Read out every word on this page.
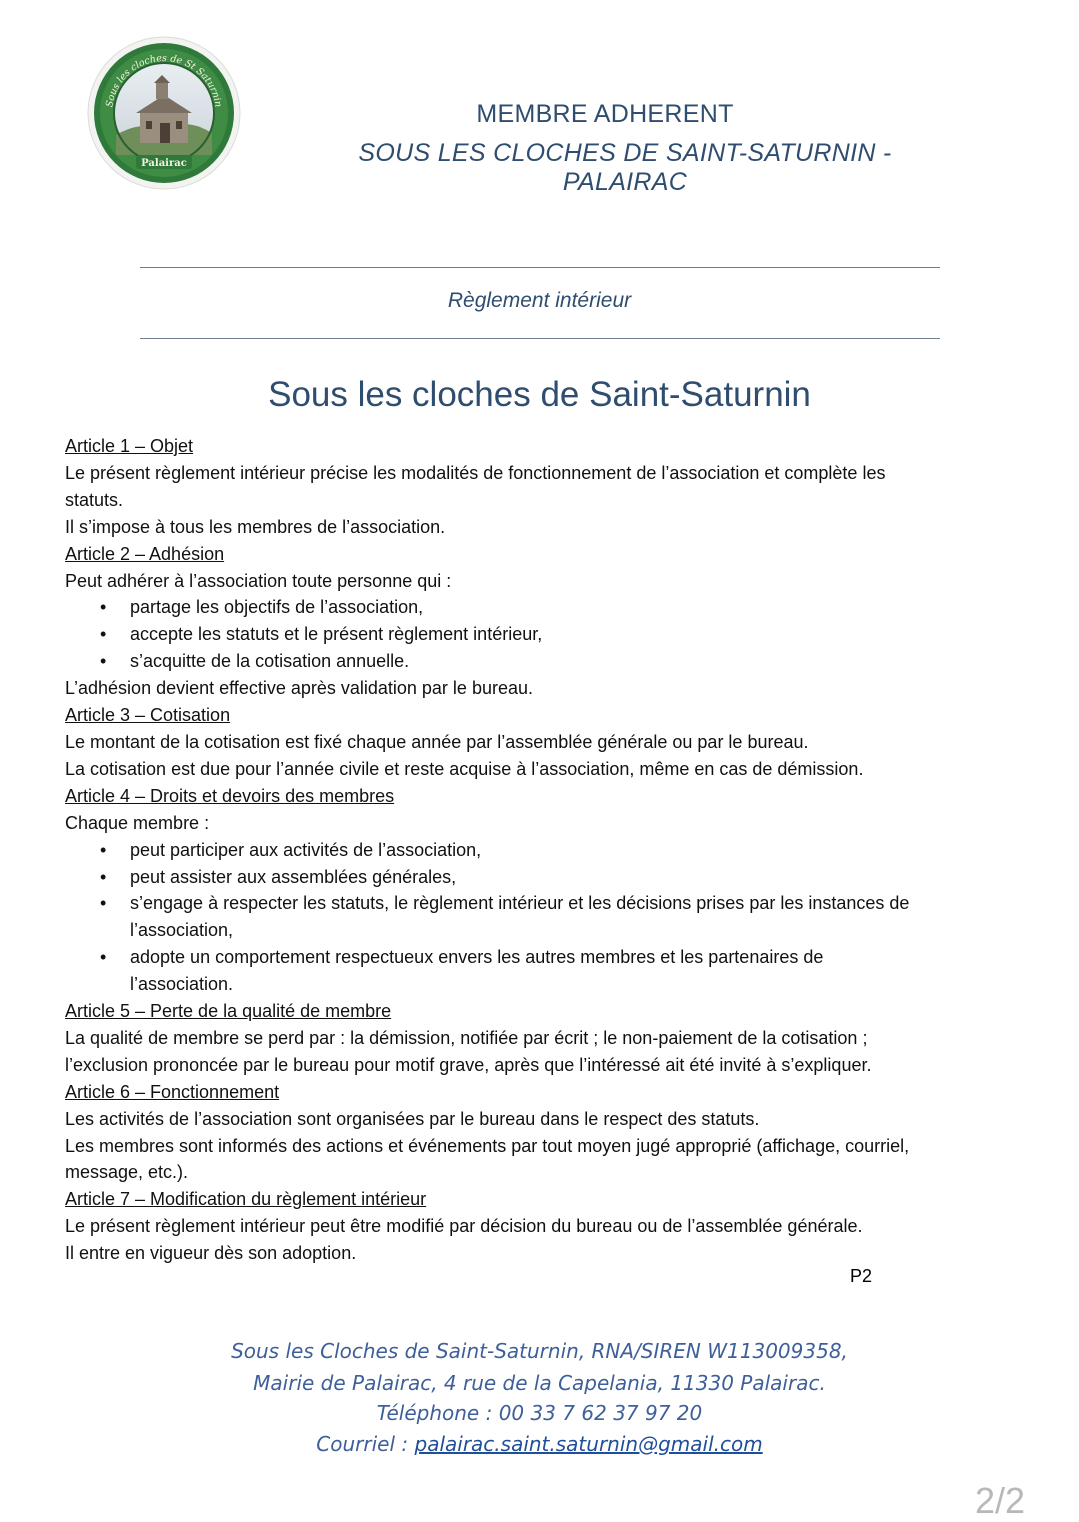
Sous les cloches de St Saturnin
Palairac
MEMBRE ADHERENT
SOUS LES CLOCHES DE SAINT-SATURNIN - PALAIRAC
Règlement intérieur
Sous les cloches de Saint-Saturnin
Article 1 – Objet
Le présent règlement intérieur précise les modalités de fonctionnement de l’association et complète les
statuts.
Il s’impose à tous les membres de l’association.
Article 2 – Adhésion
Peut adhérer à l’association toute personne qui :
• partage les objectifs de l’association,
• accepte les statuts et le présent règlement intérieur,
• s’acquitte de la cotisation annuelle.
L’adhésion devient effective après validation par le bureau.
Article 3 – Cotisation
Le montant de la cotisation est fixé chaque année par l’assemblée générale ou par le bureau.
La cotisation est due pour l’année civile et reste acquise à l’association, même en cas de démission.
Article 4 – Droits et devoirs des membres
Chaque membre :
• peut participer aux activités de l’association,
• peut assister aux assemblées générales,
• s’engage à respecter les statuts, le règlement intérieur et les décisions prises par les instances de
l’association,
• adopte un comportement respectueux envers les autres membres et les partenaires de
l’association.
Article 5 – Perte de la qualité de membre
La qualité de membre se perd par : la démission, notifiée par écrit ; le non-paiement de la cotisation ;
l’exclusion prononcée par le bureau pour motif grave, après que l’intéressé ait été invité à s’expliquer.
Article 6 – Fonctionnement
Les activités de l’association sont organisées par le bureau dans le respect des statuts.
Les membres sont informés des actions et événements par tout moyen jugé approprié (affichage, courriel,
message, etc.).
Article 7 – Modification du règlement intérieur
Le présent règlement intérieur peut être modifié par décision du bureau ou de l’assemblée générale.
Il entre en vigueur dès son adoption.
P2
Sous les Cloches de Saint-Saturnin, RNA/SIREN W113009358,
Mairie de Palairac, 4 rue de la Capelania, 11330 Palairac.
Téléphone : 00 33 7 62 37 97 20
Courriel : palairac.saint.saturnin@gmail.com
2/2
